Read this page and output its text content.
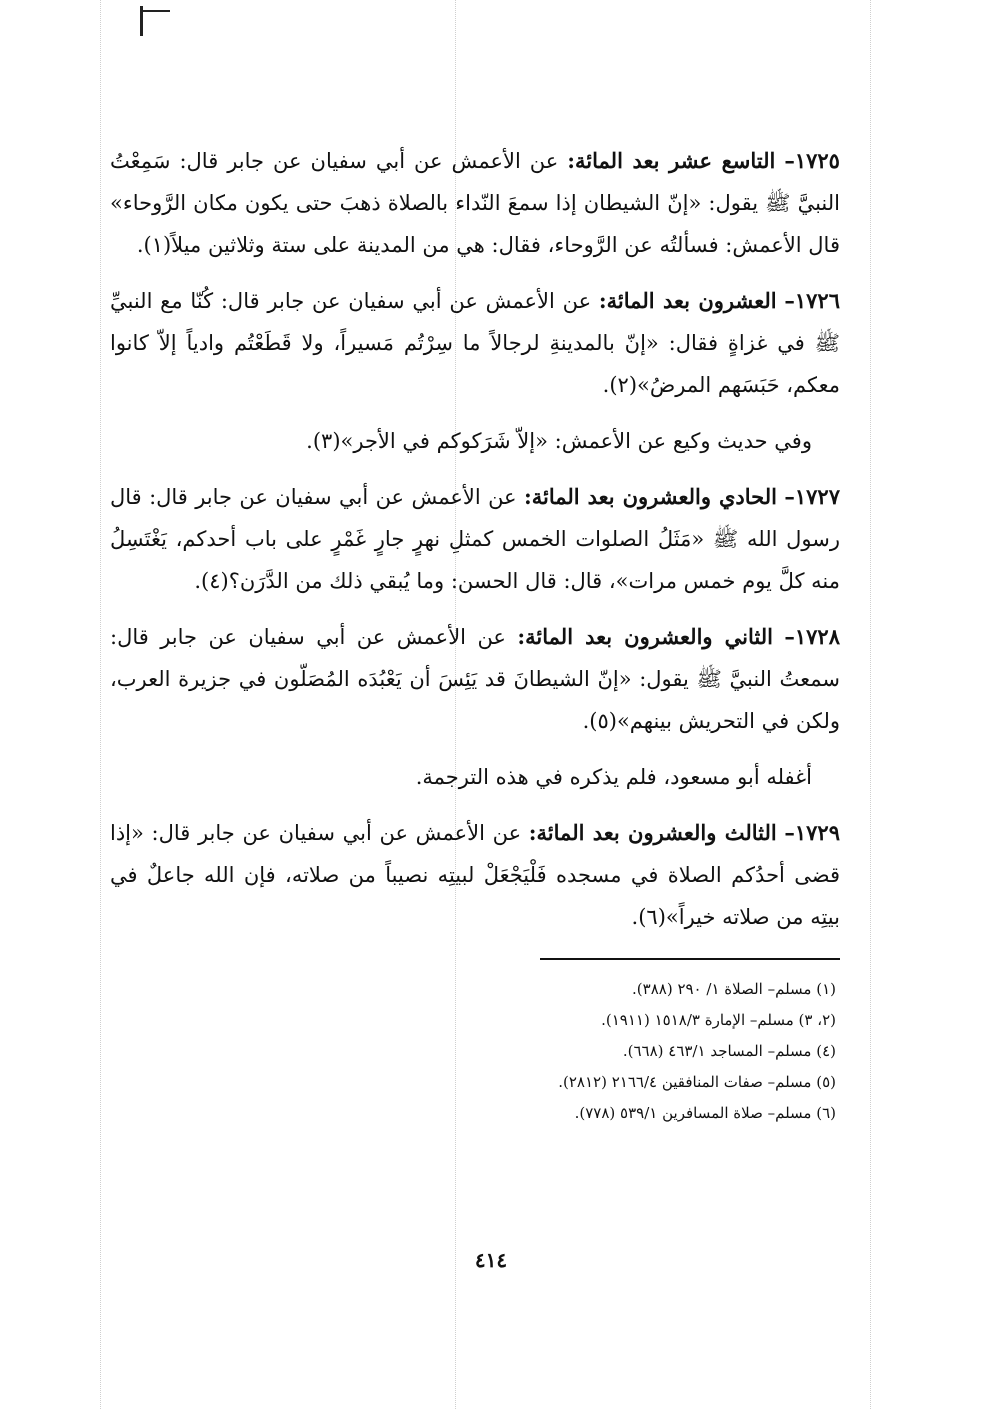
١٧٢٥– التاسع عشر بعد المائة: عن الأعمش عن أبي سفيان عن جابر قال: سَمِعْتُ النبيَّ ﷺ يقول: «إنّ الشيطان إذا سمعَ النّداء بالصلاة ذهبَ حتى يكون مكان الرَّوحاء» قال الأعمش: فسألتُه عن الرَّوحاء، فقال: هي من المدينة على ستة وثلاثين ميلاً(١).

١٧٢٦– العشرون بعد المائة: عن الأعمش عن أبي سفيان عن جابر قال: كُنّا مع النبيِّ ﷺ في غزاةٍ فقال: «إنّ بالمدينةِ لرجالاً ما سِرْتُم مَسيراً، ولا قَطَعْتُم وادياً إلاّ كانوا معكم، حَبَسَهم المرضُ»(٢).

وفي حديث وكيع عن الأعمش: «إلاّ شَرَكوكم في الأجر»(٣).

١٧٢٧– الحادي والعشرون بعد المائة: عن الأعمش عن أبي سفيان عن جابر قال: قال رسول الله ﷺ «مَثَلُ الصلوات الخمس كمثلِ نهرٍ جارٍ غَمْرٍ على باب أحدكم، يَغْتَسِلُ منه كلَّ يوم خمس مرات»، قال: قال الحسن: وما يُبقي ذلك من الدَّرَن؟(٤).

١٧٢٨– الثاني والعشرون بعد المائة: عن الأعمش عن أبي سفيان عن جابر قال: سمعتُ النبيَّ ﷺ يقول: «إنّ الشيطانَ قد يَئِسَ أن يَعْبُدَه المُصَلّون في جزيرة العرب، ولكن في التحريش بينهم»(٥).

أغفله أبو مسعود، فلم يذكره في هذه الترجمة.

١٧٢٩– الثالث والعشرون بعد المائة: عن الأعمش عن أبي سفيان عن جابر قال: «إذا قضى أحدُكم الصلاة في مسجده فَلْيَجْعَلْ لبيتِه نصيباً من صلاته، فإن الله جاعلٌ في بيتِه من صلاته خيراً»(٦).

(١) مسلم– الصلاة ١/ ٢٩٠ (٣٨٨).

(٢، ٣) مسلم– الإمارة ١٥١٨/٣ (١٩١١).

(٤) مسلم– المساجد ٤٦٣/١ (٦٦٨).

(٥) مسلم– صفات المنافقين ٢١٦٦/٤ (٢٨١٢).

(٦) مسلم– صلاة المسافرين ٥٣٩/١ (٧٧٨).

٤١٤
